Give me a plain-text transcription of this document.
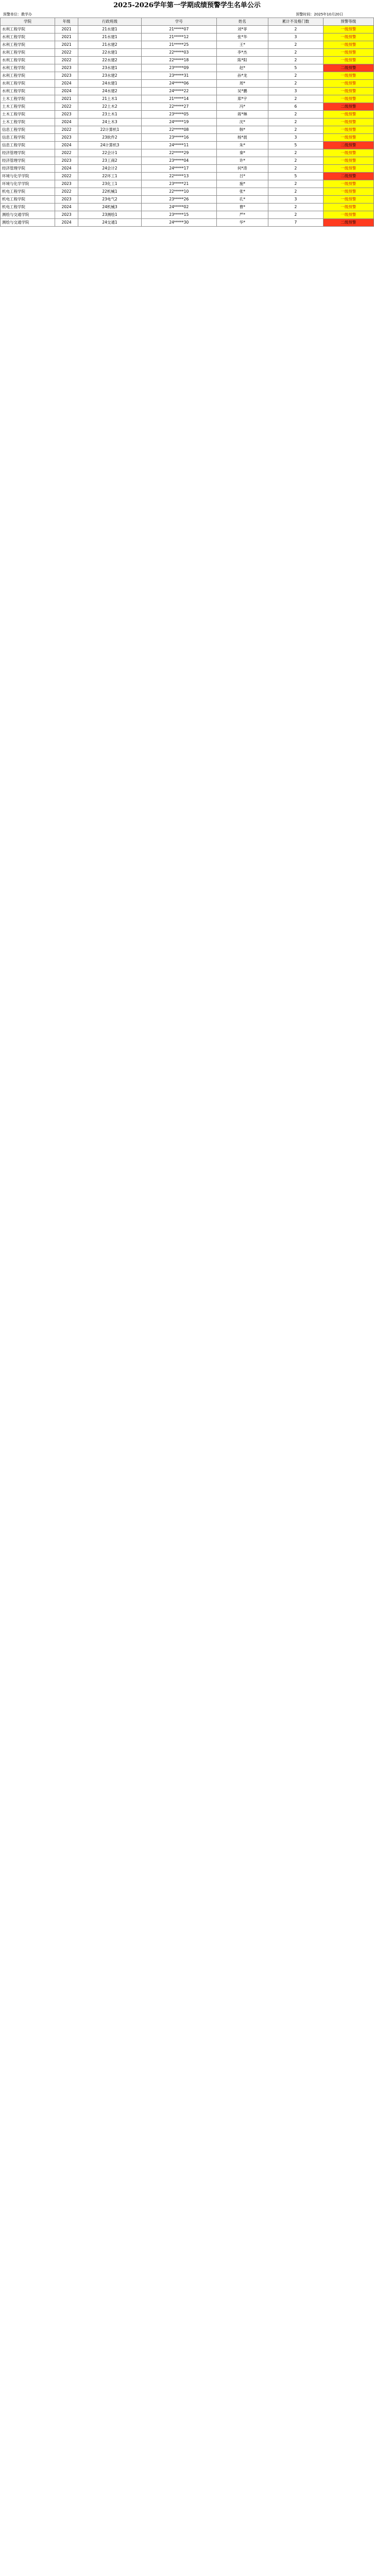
2025-2026学年第一学期成绩预警学生名单公示
预警单位：教学办	预警时间：2025年10月20日
学院	年级	行政班级	学号	姓名	累计不及格门数	预警等级
水利工程学院	2021	21水建1	21*****07	刘*菲	2	一级预警
水利工程学院	2021	21水建1	21*****12	张*华	3	一级预警
水利工程学院	2021	21水建2	21*****25	王*	2	一级预警
水利工程学院	2022	22水建1	22*****03	李*杰	2	一级预警
水利工程学院	2022	22水建2	22*****18	陈*阳	2	一级预警
水利工程学院	2023	23水建1	23*****09	赵*	5	二级预警
水利工程学院	2023	23水建2	23*****31	孙*龙	2	一级预警
水利工程学院	2024	24水建1	24*****06	周*	2	一级预警
水利工程学院	2024	24水建2	24*****22	吴*鹏	3	一级预警
土木工程学院	2021	21土木1	21*****14	郑*宇	2	一级预警
土木工程学院	2022	22土木2	22*****27	冯*	6	二级预警
土木工程学院	2023	23土木1	23*****05	蒋*琳	2	一级预警
土木工程学院	2024	24土木3	24*****19	沈*	2	一级预警
信息工程学院	2022	22计算机1	22*****08	韩*	2	一级预警
信息工程学院	2023	23软件2	23*****16	杨*晨	3	一级预警
信息工程学院	2024	24计算机3	24*****11	朱*	5	二级预警
经济管理学院	2022	22会计1	22*****29	秦*	2	一级预警
经济管理学院	2023	23工商2	23*****04	许*	2	一级预警
经济管理学院	2024	24会计2	24*****17	何*涛	2	一级预警
环境与化学学院	2022	22环工1	22*****13	吕*	5	二级预警
环境与化学学院	2023	23化工1	23*****21	施*	2	一级预警
机电工程学院	2022	22机械1	22*****10	张*	2	一级预警
机电工程学院	2023	23电气2	23*****26	孔*	3	一级预警
机电工程学院	2024	24机械3	24*****02	曹*	2	一级预警
测绘与交通学院	2023	23测绘1	23*****15	严*	2	一级预警
测绘与交通学院	2024	24交通1	24*****30	华*	7	二级预警
